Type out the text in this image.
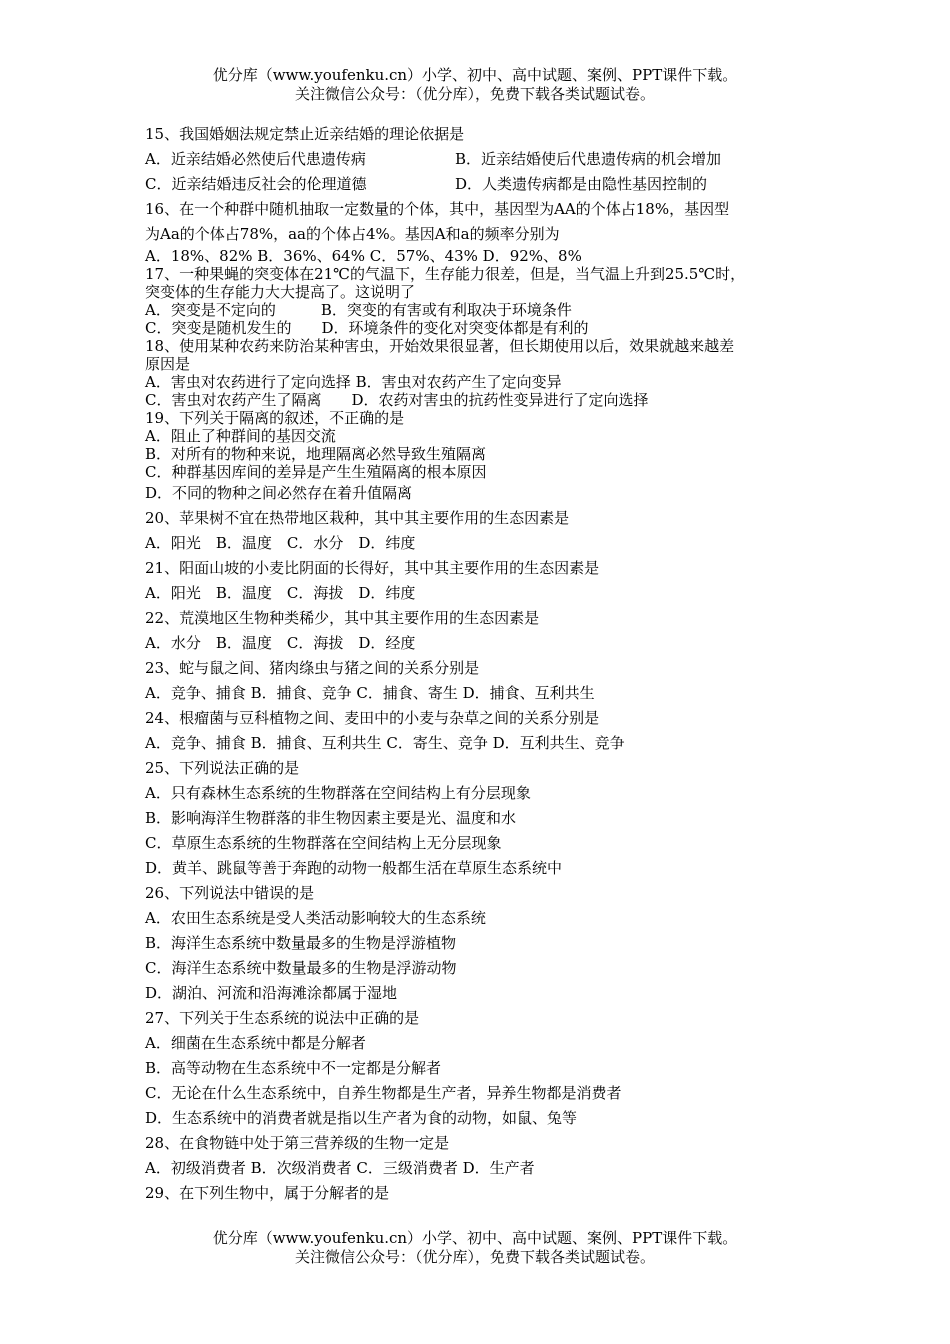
优分库（www.youfenku.cn）小学、初中、高中试题、案例、PPT课件下载。
关注微信公众号：（优分库），免费下载各类试题试卷。
15、我国婚姻法规定禁止近亲结婚的理论依据是
A．近亲结婚必然使后代患遗传病	B．近亲结婚使后代患遗传病的机会增加
C．近亲结婚违反社会的伦理道德	D．人类遗传病都是由隐性基因控制的
16、在一个种群中随机抽取一定数量的个体，其中，基因型为AA的个体占18%，基因型
为Aa的个体占78%，aa的个体占4%。基因A和a的频率分别为
A．18%、82% B．36%、64% C．57%、43% D．92%、8%
17、一种果蝇的突变体在21℃的气温下，生存能力很差，但是，当气温上升到25.5℃时，
突变体的生存能力大大提高了。这说明了
A．突变是不定向的　　　B．突变的有害或有利取决于环境条件
C．突变是随机发生的　　D．环境条件的变化对突变体都是有利的
18、使用某种农药来防治某种害虫，开始效果很显著，但长期使用以后，效果就越来越差
原因是
A．害虫对农药进行了定向选择 B．害虫对农药产生了定向变异
C．害虫对农药产生了隔离　　D．农药对害虫的抗药性变异进行了定向选择
19、下列关于隔离的叙述，不正确的是
A．阻止了种群间的基因交流
B．对所有的物种来说，地理隔离必然导致生殖隔离
C．种群基因库间的差异是产生生殖隔离的根本原因
D．不同的物种之间必然存在着升值隔离
20、苹果树不宜在热带地区栽种，其中其主要作用的生态因素是
A．阳光　B．温度　C．水分　D．纬度
21、阳面山坡的小麦比阴面的长得好，其中其主要作用的生态因素是
A．阳光　B．温度　C．海拔　D．纬度
22、荒漠地区生物种类稀少，其中其主要作用的生态因素是
A．水分　B．温度　C．海拔　D．经度
23、蛇与鼠之间、猪肉绦虫与猪之间的关系分别是
A．竞争、捕食 B．捕食、竞争 C．捕食、寄生 D．捕食、互利共生
24、根瘤菌与豆科植物之间、麦田中的小麦与杂草之间的关系分别是
A．竞争、捕食 B．捕食、互利共生 C．寄生、竞争 D．互利共生、竞争
25、下列说法正确的是
A．只有森林生态系统的生物群落在空间结构上有分层现象
B．影响海洋生物群落的非生物因素主要是光、温度和水
C．草原生态系统的生物群落在空间结构上无分层现象
D．黄羊、跳鼠等善于奔跑的动物一般都生活在草原生态系统中
26、下列说法中错误的是
A．农田生态系统是受人类活动影响较大的生态系统
B．海洋生态系统中数量最多的生物是浮游植物
C．海洋生态系统中数量最多的生物是浮游动物
D．湖泊、河流和沿海滩涂都属于湿地
27、下列关于生态系统的说法中正确的是
A．细菌在生态系统中都是分解者
B．高等动物在生态系统中不一定都是分解者
C．无论在什么生态系统中，自养生物都是生产者，异养生物都是消费者
D．生态系统中的消费者就是指以生产者为食的动物，如鼠、兔等
28、在食物链中处于第三营养级的生物一定是
A．初级消费者 B．次级消费者 C．三级消费者 D．生产者
29、在下列生物中，属于分解者的是
优分库（www.youfenku.cn）小学、初中、高中试题、案例、PPT课件下载。
关注微信公众号：（优分库），免费下载各类试题试卷。
